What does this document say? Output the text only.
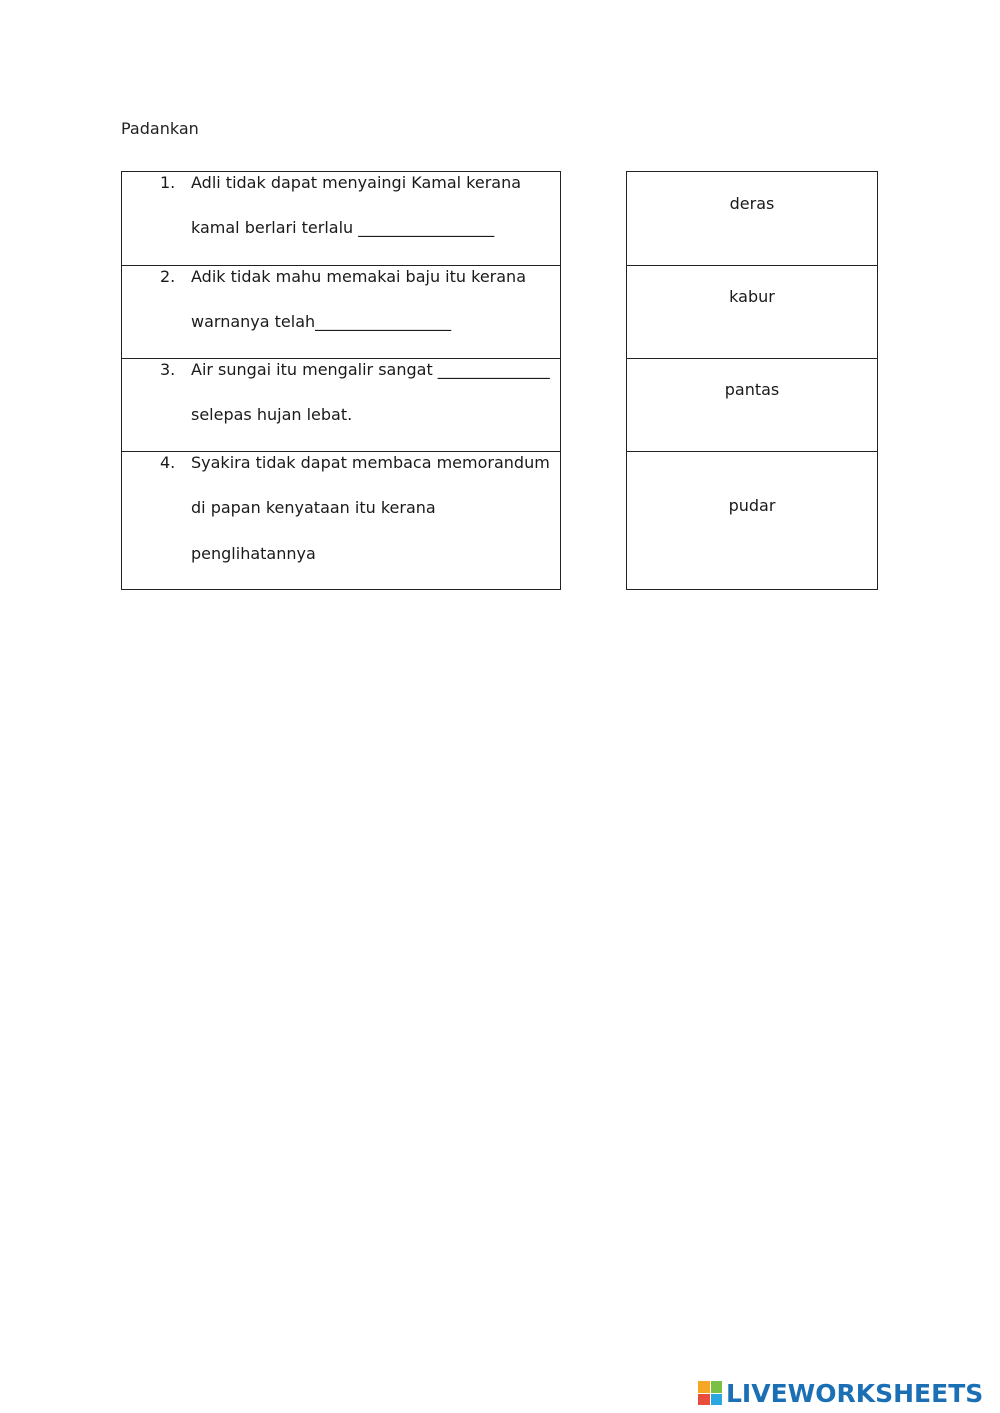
Padankan
1. Adli tidak dapat menyaingi Kamal kerana
kamal berlari terlalu _________________
2. Adik tidak mahu memakai baju itu kerana
warnanya telah_________________
3. Air sungai itu mengalir sangat ______________
selepas hujan lebat.
4. Syakira tidak dapat membaca memorandum
di papan kenyataan itu kerana
penglihatannya
deras
kabur
pantas
pudar
LIVEWORKSHEETS
